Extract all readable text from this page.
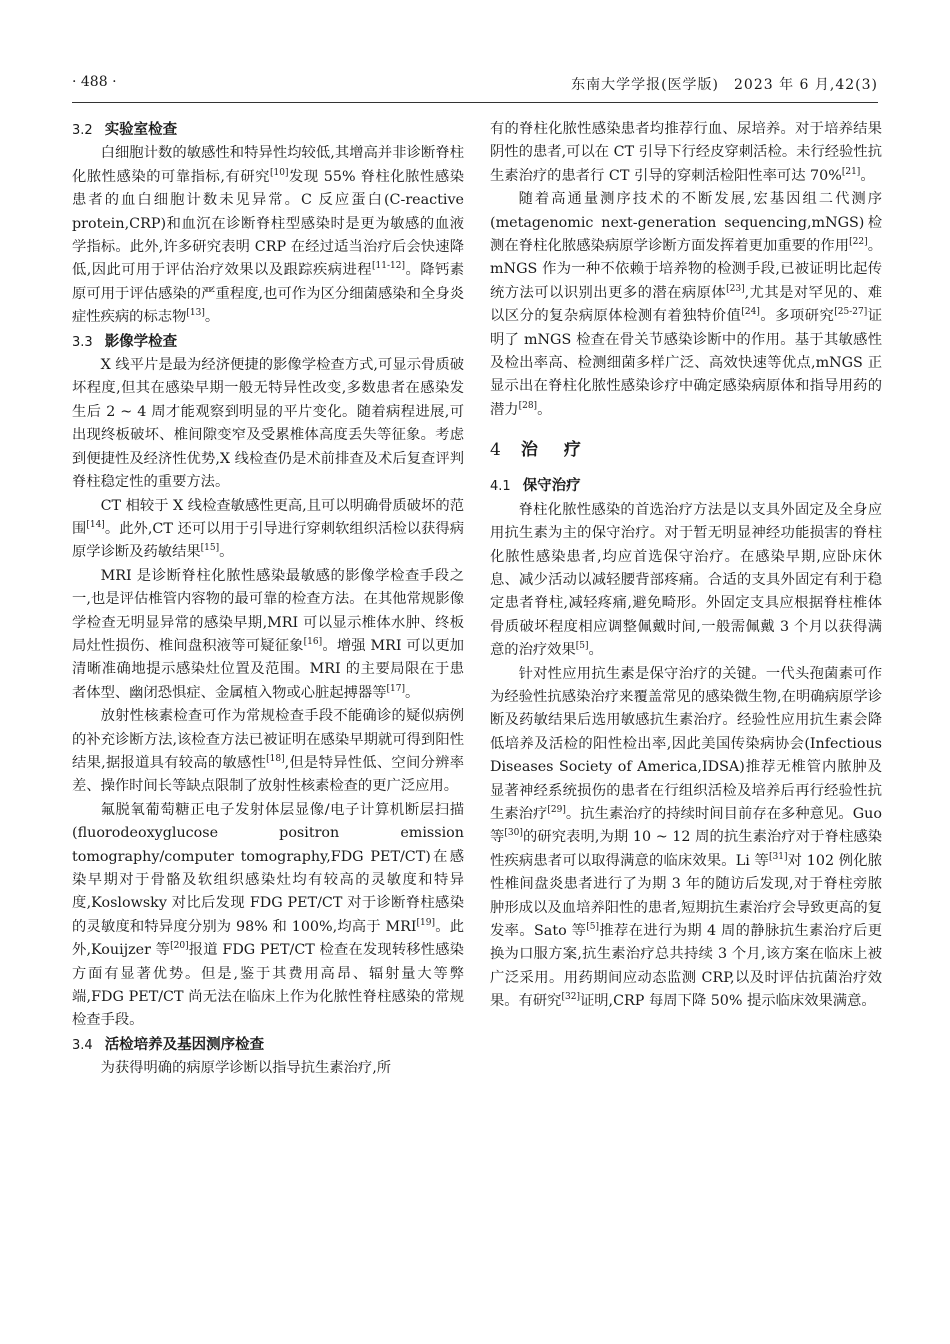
· 488 ·	东南大学学报(医学版)　2023 年 6 月,42(3)
3.2 实验室检查

白细胞计数的敏感性和特异性均较低,其增高并非诊断脊柱化脓性感染的可靠指标,有研究[10]发现 55% 脊柱化脓性感染患者的血白细胞计数未见异常。C 反应蛋白(C-reactive protein,CRP)和血沉在诊断脊柱型感染时是更为敏感的血液学指标。此外,许多研究表明 CRP 在经过适当治疗后会快速降低,因此可用于评估治疗效果以及跟踪疾病进程[11-12]。降钙素原可用于评估感染的严重程度,也可作为区分细菌感染和全身炎症性疾病的标志物[13]。

3.3 影像学检查

X 线平片是最为经济便捷的影像学检查方式,可显示骨质破坏程度,但其在感染早期一般无特异性改变,多数患者在感染发生后 2 ~ 4 周才能观察到明显的平片变化。随着病程进展,可出现终板破坏、椎间隙变窄及受累椎体高度丢失等征象。考虑到便捷性及经济性优势,X 线检查仍是术前排查及术后复查评判脊柱稳定性的重要方法。

CT 相较于 X 线检查敏感性更高,且可以明确骨质破坏的范围[14]。此外,CT 还可以用于引导进行穿刺软组织活检以获得病原学诊断及药敏结果[15]。

MRI 是诊断脊柱化脓性感染最敏感的影像学检查手段之一,也是评估椎管内容物的最可靠的检查方法。在其他常规影像学检查无明显异常的感染早期,MRI 可以显示椎体水肿、终板局灶性损伤、椎间盘积液等可疑征象[16]。增强 MRI 可以更加清晰准确地提示感染灶位置及范围。MRI 的主要局限在于患者体型、幽闭恐惧症、金属植入物或心脏起搏器等[17]。

放射性核素检查可作为常规检查手段不能确诊的疑似病例的补充诊断方法,该检查方法已被证明在感染早期就可得到阳性结果,据报道具有较高的敏感性[18],但是特异性低、空间分辨率差、操作时间长等缺点限制了放射性核素检查的更广泛应用。

氟脱氧葡萄糖正电子发射体层显像/电子计算机断层扫描(fluorodeoxyglucose positron emission tomography/computer tomography,FDG PET/CT)在感染早期对于骨骼及软组织感染灶均有较高的灵敏度和特异度,Koslowsky 对比后发现 FDG PET/CT 对于诊断脊柱感染的灵敏度和特异度分别为 98% 和 100%,均高于 MRI[19]。此外,Kouijzer 等[20]报道 FDG PET/CT 检查在发现转移性感染方面有显著优势。但是,鉴于其费用高昂、辐射量大等弊端,FDG PET/CT 尚无法在临床上作为化脓性脊柱感染的常规检查手段。

3.4 活检培养及基因测序检查

为获得明确的病原学诊断以指导抗生素治疗,所

有的脊柱化脓性感染患者均推荐行血、尿培养。对于培养结果阴性的患者,可以在 CT 引导下行经皮穿刺活检。未行经验性抗生素治疗的患者行 CT 引导的穿刺活检阳性率可达 70%[21]。

随着高通量测序技术的不断发展,宏基因组二代测序(metagenomic next-generation sequencing,mNGS)检测在脊柱化脓感染病原学诊断方面发挥着更加重要的作用[22]。mNGS 作为一种不依赖于培养物的检测手段,已被证明比起传统方法可以识别出更多的潜在病原体[23],尤其是对罕见的、难以区分的复杂病原体检测有着独特价值[24]。多项研究[25-27]证明了 mNGS 检查在骨关节感染诊断中的作用。基于其敏感性及检出率高、检测细菌多样广泛、高效快速等优点,mNGS 正显示出在脊柱化脓性感染诊疗中确定感染病原体和指导用药的潜力[28]。

4 治疗
4.1 保守治疗

脊柱化脓性感染的首选治疗方法是以支具外固定及全身应用抗生素为主的保守治疗。对于暂无明显神经功能损害的脊柱化脓性感染患者,均应首选保守治疗。在感染早期,应卧床休息、减少活动以减轻腰背部疼痛。合适的支具外固定有利于稳定患者脊柱,减轻疼痛,避免畸形。外固定支具应根据脊柱椎体骨质破坏程度相应调整佩戴时间,一般需佩戴 3 个月以获得满意的治疗效果[5]。

针对性应用抗生素是保守治疗的关键。一代头孢菌素可作为经验性抗感染治疗来覆盖常见的感染微生物,在明确病原学诊断及药敏结果后选用敏感抗生素治疗。经验性应用抗生素会降低培养及活检的阳性检出率,因此美国传染病协会(Infectious Diseases Society of America,IDSA)推荐无椎管内脓肿及显著神经系统损伤的患者在行组织活检及培养后再行经验性抗生素治疗[29]。抗生素治疗的持续时间目前存在多种意见。Guo 等[30]的研究表明,为期 10 ~ 12 周的抗生素治疗对于脊柱感染性疾病患者可以取得满意的临床效果。Li 等[31]对 102 例化脓性椎间盘炎患者进行了为期 3 年的随访后发现,对于脊柱旁脓肿形成以及血培养阳性的患者,短期抗生素治疗会导致更高的复发率。Sato 等[5]推荐在进行为期 4 周的静脉抗生素治疗后更换为口服方案,抗生素治疗总共持续 3 个月,该方案在临床上被广泛采用。用药期间应动态监测 CRP,以及时评估抗菌治疗效果。有研究[32]证明,CRP 每周下降 50% 提示临床效果满意。
